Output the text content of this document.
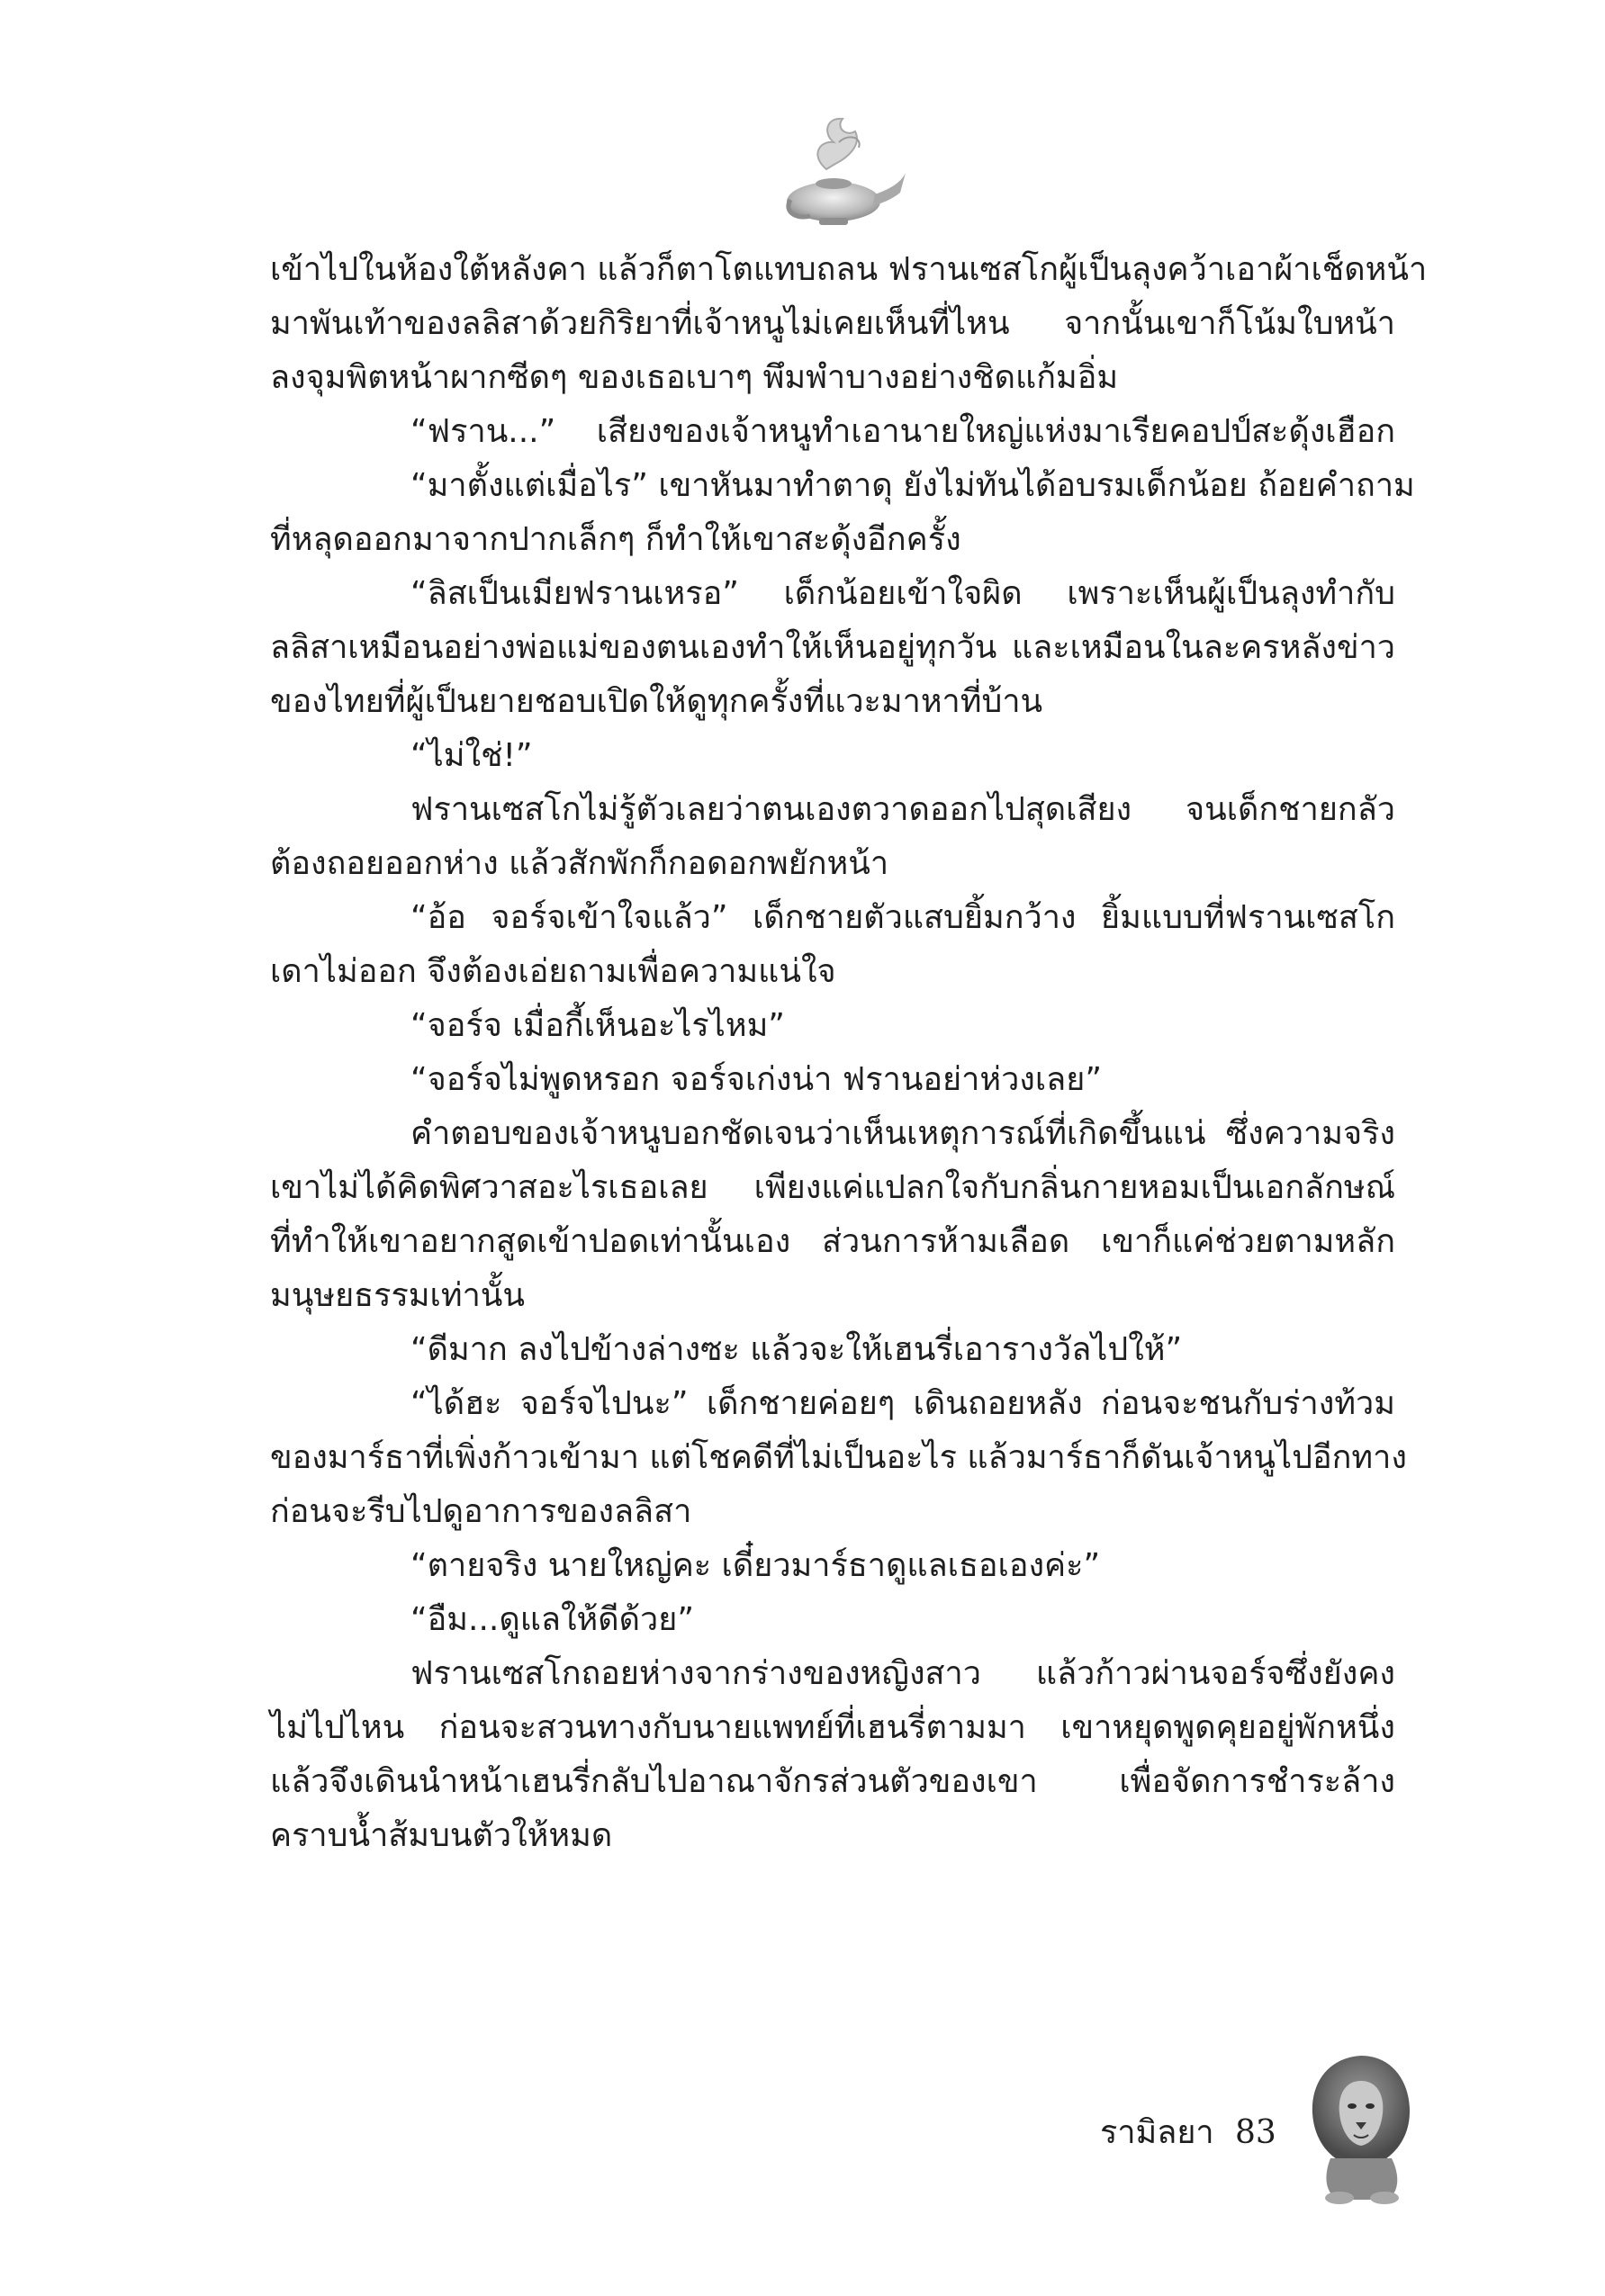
เข้าไปในห้องใต้หลังคา แล้วก็ตาโตแทบถลน ฟรานเซสโกผู้เป็นลุงคว้าเอาผ้าเช็ดหน้า
มาพันเท้าของลลิสาด้วยกิริยาที่เจ้าหนูไม่เคยเห็นที่ไหน จากนั้นเขาก็โน้มใบหน้า
ลงจุมพิตหน้าผากซีดๆ ของเธอเบาๆ พึมพำบางอย่างชิดแก้มอิ่ม
“ฟราน...” เสียงของเจ้าหนูทำเอานายใหญ่แห่งมาเรียคอปป์สะดุ้งเฮือก
“มาตั้งแต่เมื่อไร” เขาหันมาทำตาดุ ยังไม่ทันได้อบรมเด็กน้อย ถ้อยคำถาม
ที่หลุดออกมาจากปากเล็กๆ ก็ทำให้เขาสะดุ้งอีกครั้ง
“ลิสเป็นเมียฟรานเหรอ” เด็กน้อยเข้าใจผิด เพราะเห็นผู้เป็นลุงทำกับ
ลลิสาเหมือนอย่างพ่อแม่ของตนเองทำให้เห็นอยู่ทุกวัน และเหมือนในละครหลังข่าว
ของไทยที่ผู้เป็นยายชอบเปิดให้ดูทุกครั้งที่แวะมาหาที่บ้าน
“ไม่ใช่!”
ฟรานเซสโกไม่รู้ตัวเลยว่าตนเองตวาดออกไปสุดเสียง จนเด็กชายกลัว
ต้องถอยออกห่าง แล้วสักพักก็กอดอกพยักหน้า
“อ้อ จอร์จเข้าใจแล้ว” เด็กชายตัวแสบยิ้มกว้าง ยิ้มแบบที่ฟรานเซสโก
เดาไม่ออก จึงต้องเอ่ยถามเพื่อความแน่ใจ
“จอร์จ เมื่อกี้เห็นอะไรไหม”
“จอร์จไม่พูดหรอก จอร์จเก่งน่า ฟรานอย่าห่วงเลย”
คำตอบของเจ้าหนูบอกชัดเจนว่าเห็นเหตุการณ์ที่เกิดขึ้นแน่ ซึ่งความจริง
เขาไม่ได้คิดพิศวาสอะไรเธอเลย เพียงแค่แปลกใจกับกลิ่นกายหอมเป็นเอกลักษณ์
ที่ทำให้เขาอยากสูดเข้าปอดเท่านั้นเอง ส่วนการห้ามเลือด เขาก็แค่ช่วยตามหลัก
มนุษยธรรมเท่านั้น
“ดีมาก ลงไปข้างล่างซะ แล้วจะให้เฮนรี่เอารางวัลไปให้”
“ได้ฮะ จอร์จไปนะ” เด็กชายค่อยๆ เดินถอยหลัง ก่อนจะชนกับร่างท้วม
ของมาร์ธาที่เพิ่งก้าวเข้ามา แต่โชคดีที่ไม่เป็นอะไร แล้วมาร์ธาก็ดันเจ้าหนูไปอีกทาง
ก่อนจะรีบไปดูอาการของลลิสา
“ตายจริง นายใหญ่คะ เดี๋ยวมาร์ธาดูแลเธอเองค่ะ”
“อืม...ดูแลให้ดีด้วย”
ฟรานเซสโกถอยห่างจากร่างของหญิงสาว แล้วก้าวผ่านจอร์จซึ่งยังคง
ไม่ไปไหน ก่อนจะสวนทางกับนายแพทย์ที่เฮนรี่ตามมา เขาหยุดพูดคุยอยู่พักหนึ่ง
แล้วจึงเดินนำหน้าเฮนรี่กลับไปอาณาจักรส่วนตัวของเขา เพื่อจัดการชำระล้าง
คราบน้ำส้มบนตัวให้หมด
รามิลยา 83
